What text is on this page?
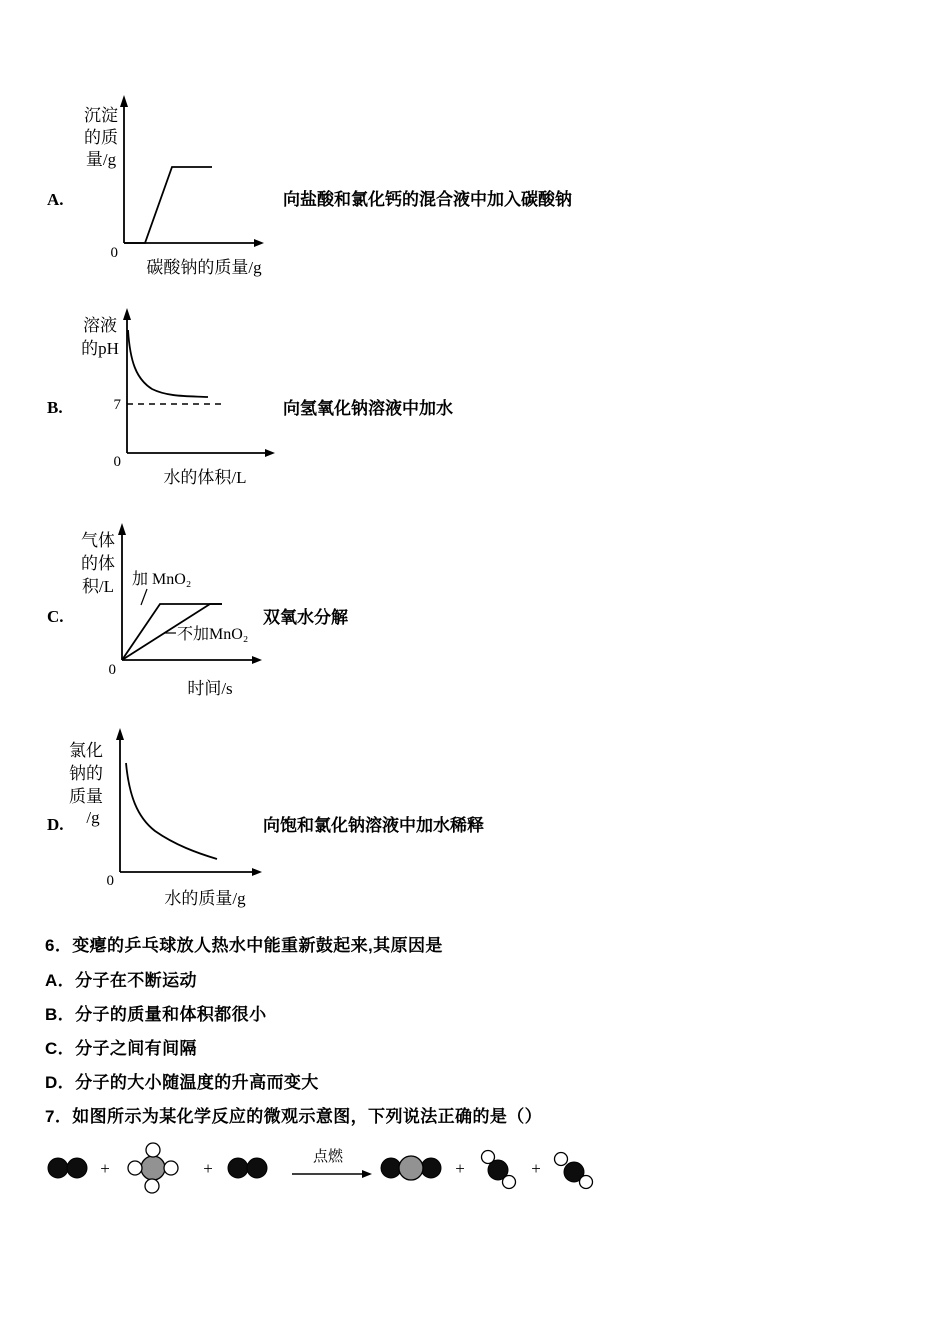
A.
沉淀
的质
量/g
0
碳酸钠的质量/g
向盐酸和氯化钙的混合液中加入碳酸钠
B.
溶液
的pH
7
0
水的体积/L
向氢氧化钠溶液中加水
C.
气体
的体
积/L 加 MnO₂
不加MnO₂
0
时间/s
双氧水分解
D.
氯化
钠的
质量
/g
0
水的质量/g
向饱和氯化钠溶液中加水稀释
6．变瘪的乒乓球放人热水中能重新鼓起来,其原因是
A．分子在不断运动
B．分子的质量和体积都很小
C．分子之间有间隔
D．分子的大小随温度的升高而变大
7．如图所示为某化学反应的微观示意图，下列说法正确的是（）
+	+
点燃
+	+
